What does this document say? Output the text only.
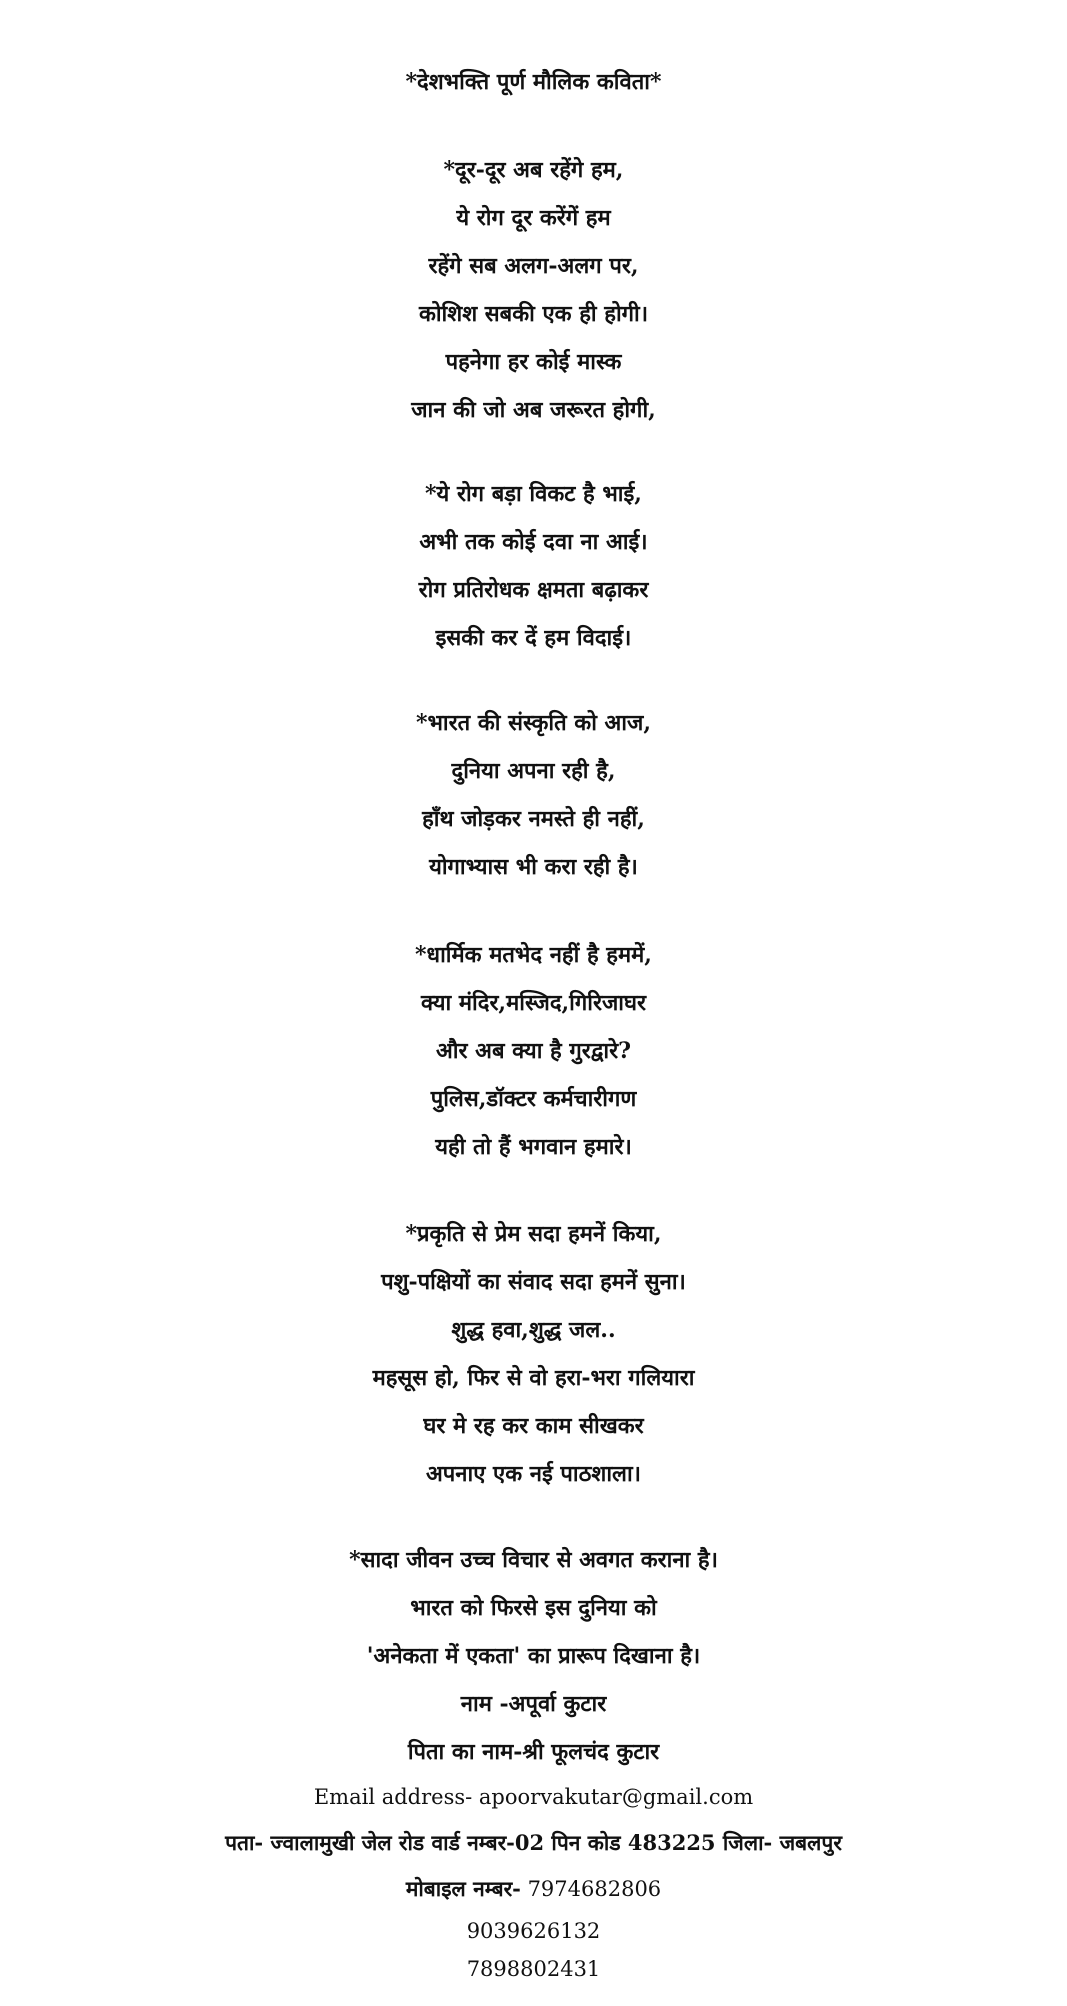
*देशभक्ति पूर्ण मौलिक कविता*
*दूर-दूर अब रहेंगे हम,
ये रोग दूर करेंगें हम
रहेंगे सब अलग-अलग पर,
कोशिश सबकी एक ही होगी।
पहनेगा हर कोई मास्क
जान की जो अब जरूरत होगी,
*ये रोग बड़ा विकट है भाई,
अभी तक कोई दवा ना आई।
रोग प्रतिरोधक क्षमता बढ़ाकर
इसकी कर दें हम विदाई।
*भारत की संस्कृति को आज,
दुनिया अपना रही है,
हाँथ जोड़कर नमस्ते ही नहीं,
योगाभ्यास भी करा रही है।
*धार्मिक मतभेद नहीं है हममें,
क्या मंदिर,मस्जिद,गिरिजाघर
और अब क्या है गुरद्वारे?
पुलिस,डॉक्टर कर्मचारीगण
यही तो हैं भगवान हमारे।
*प्रकृति से प्रेम सदा हमनें किया,
पशु-पक्षियों का संवाद सदा हमनें सुना।
शुद्ध हवा,शुद्ध जल..
महसूस हो, फिर से वो हरा-भरा गलियारा
घर मे रह कर काम सीखकर
अपनाए एक नई पाठशाला।
*सादा जीवन उच्च विचार से अवगत कराना है।
भारत को फिरसे इस दुनिया को
'अनेकता में एकता' का प्रारूप दिखाना है।
नाम -अपूर्वा कुटार
पिता का नाम-श्री फूलचंद कुटार
Email address- apoorvakutar@gmail.com
पता- ज्वालामुखी जेल रोड वार्ड नम्बर-02 पिन कोड 483225 जिला- जबलपुर
मोबाइल नम्बर- 7974682806
9039626132
7898802431
